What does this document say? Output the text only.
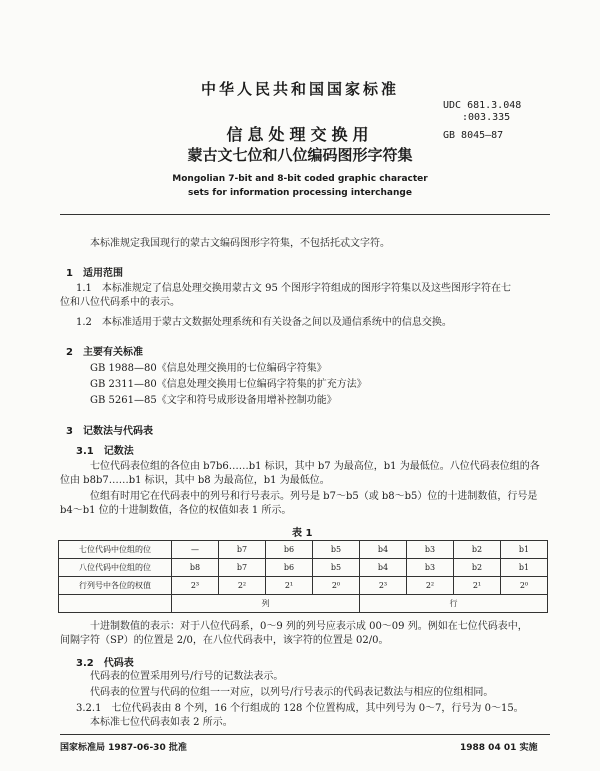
中华人民共和国国家标准
UDC 681.3.048
:003.335
GB 8045—87
信息处理交换用
蒙古文七位和八位编码图形字符集
Mongolian 7-bit and 8-bit coded graphic character
sets for information processing interchange
本标准规定我国现行的蒙古文编码图形字符集，不包括托忒文字符。
1　适用范围
1.1　本标准规定了信息处理交换用蒙古文 95 个图形字符组成的图形字符集以及这些图形字符在七
位和八位代码系中的表示。
1.2　本标准适用于蒙古文数据处理系统和有关设备之间以及通信系统中的信息交换。
2　主要有关标准
GB 1988—80《信息处理交换用的七位编码字符集》
GB 2311—80《信息处理交换用七位编码字符集的扩充方法》
GB 5261—85《文字和符号成形设备用增补控制功能》
3　记数法与代码表
3.1　记数法
七位代码表位组的各位由 b7b6……b1 标识，其中 b7 为最高位，b1 为最低位。八位代码表位组的各
位由 b8b7……b1 标识，其中 b8 为最高位，b1 为最低位。
位组有时用它在代码表中的列号和行号表示。列号是 b7～b5（或 b8～b5）位的十进制数值，行号是
b4～b1 位的十进制数值，各位的权值如表 1 所示。
表 1
七位代码中位组的位	—	b7	b6	b5	b4	b3	b2	b1
八位代码中位组的位	b8	b7	b6	b5	b4	b3	b2	b1
行列号中各位的权值	2³	2²	2¹	2⁰	2³	2²	2¹	2⁰
	列				行			
十进制数值的表示：对于八位代码系，0～9 列的列号应表示成 00～09 列。例如在七位代码表中，
间隔字符（SP）的位置是 2/0，在八位代码表中，该字符的位置是 02/0。
3.2　代码表
代码表的位置采用列号/行号的记数法表示。
代码表的位置与代码的位组一一对应，以列号/行号表示的代码表记数法与相应的位组相同。
3.2.1　七位代码表由 8 个列，16 个行组成的 128 个位置构成，其中列号为 0～7，行号为 0～15。
本标准七位代码表如表 2 所示。
国家标准局 1987-06-30 批准	1988 04 01 实施
